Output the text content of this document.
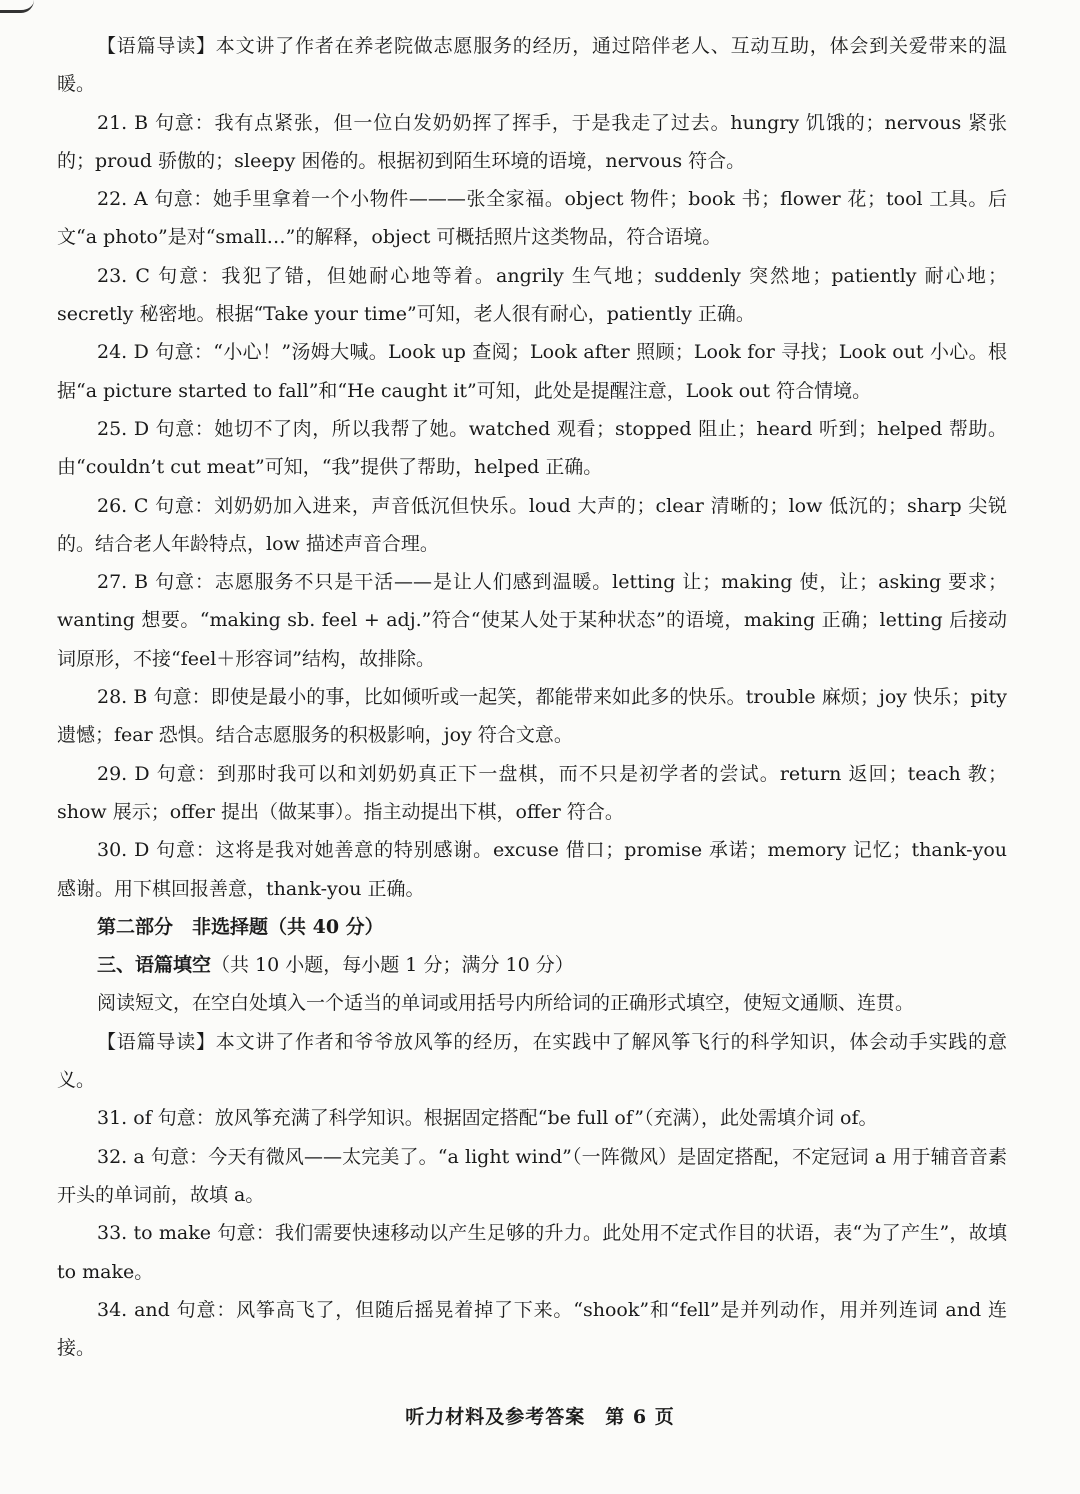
【语篇导读】本文讲了作者在养老院做志愿服务的经历，通过陪伴老人、互动互助，体会到关爱带来的温暖。

21. B 句意：我有点紧张，但一位白发奶奶挥了挥手，于是我走了过去。hungry 饥饿的；nervous 紧张的；proud 骄傲的；sleepy 困倦的。根据初到陌生环境的语境，nervous 符合。

22. A 句意：她手里拿着一个小物件———张全家福。object 物件；book 书；flower 花；tool 工具。后文“a photo”是对“small…”的解释，object 可概括照片这类物品，符合语境。

23. C 句意：我犯了错，但她耐心地等着。angrily 生气地；suddenly 突然地；patiently 耐心地；secretly 秘密地。根据“Take your time”可知，老人很有耐心，patiently 正确。

24. D 句意：“小心！”汤姆大喊。Look up 查阅；Look after 照顾；Look for 寻找；Look out 小心。根据“a picture started to fall”和“He caught it”可知，此处是提醒注意，Look out 符合情境。

25. D 句意：她切不了肉，所以我帮了她。watched 观看；stopped 阻止；heard 听到；helped 帮助。由“couldn’t cut meat”可知，“我”提供了帮助，helped 正确。

26. C 句意：刘奶奶加入进来，声音低沉但快乐。loud 大声的；clear 清晰的；low 低沉的；sharp 尖锐的。结合老人年龄特点，low 描述声音合理。

27. B 句意：志愿服务不只是干活——是让人们感到温暖。letting 让；making 使，让；asking 要求；wanting 想要。“making sb. feel + adj.”符合“使某人处于某种状态”的语境，making 正确；letting 后接动词原形，不接“feel＋形容词”结构，故排除。

28. B 句意：即使是最小的事，比如倾听或一起笑，都能带来如此多的快乐。trouble 麻烦；joy 快乐；pity 遗憾；fear 恐惧。结合志愿服务的积极影响，joy 符合文意。

29. D 句意：到那时我可以和刘奶奶真正下一盘棋，而不只是初学者的尝试。return 返回；teach 教；show 展示；offer 提出（做某事）。指主动提出下棋，offer 符合。

30. D 句意：这将是我对她善意的特别感谢。excuse 借口；promise 承诺；memory 记忆；thank-you 感谢。用下棋回报善意，thank-you 正确。

第二部分　非选择题（共 40 分）

三、语篇填空（共 10 小题，每小题 1 分；满分 10 分）

阅读短文，在空白处填入一个适当的单词或用括号内所给词的正确形式填空，使短文通顺、连贯。

【语篇导读】本文讲了作者和爷爷放风筝的经历，在实践中了解风筝飞行的科学知识，体会动手实践的意义。

31. of 句意：放风筝充满了科学知识。根据固定搭配“be full of”（充满），此处需填介词 of。

32. a 句意：今天有微风——太完美了。“a light wind”（一阵微风）是固定搭配，不定冠词 a 用于辅音音素开头的单词前，故填 a。

33. to make 句意：我们需要快速移动以产生足够的升力。此处用不定式作目的状语，表“为了产生”，故填 to make。

34. and 句意：风筝高飞了，但随后摇晃着掉了下来。“shook”和“fell”是并列动作，用并列连词 and 连接。

听力材料及参考答案　第 6 页
